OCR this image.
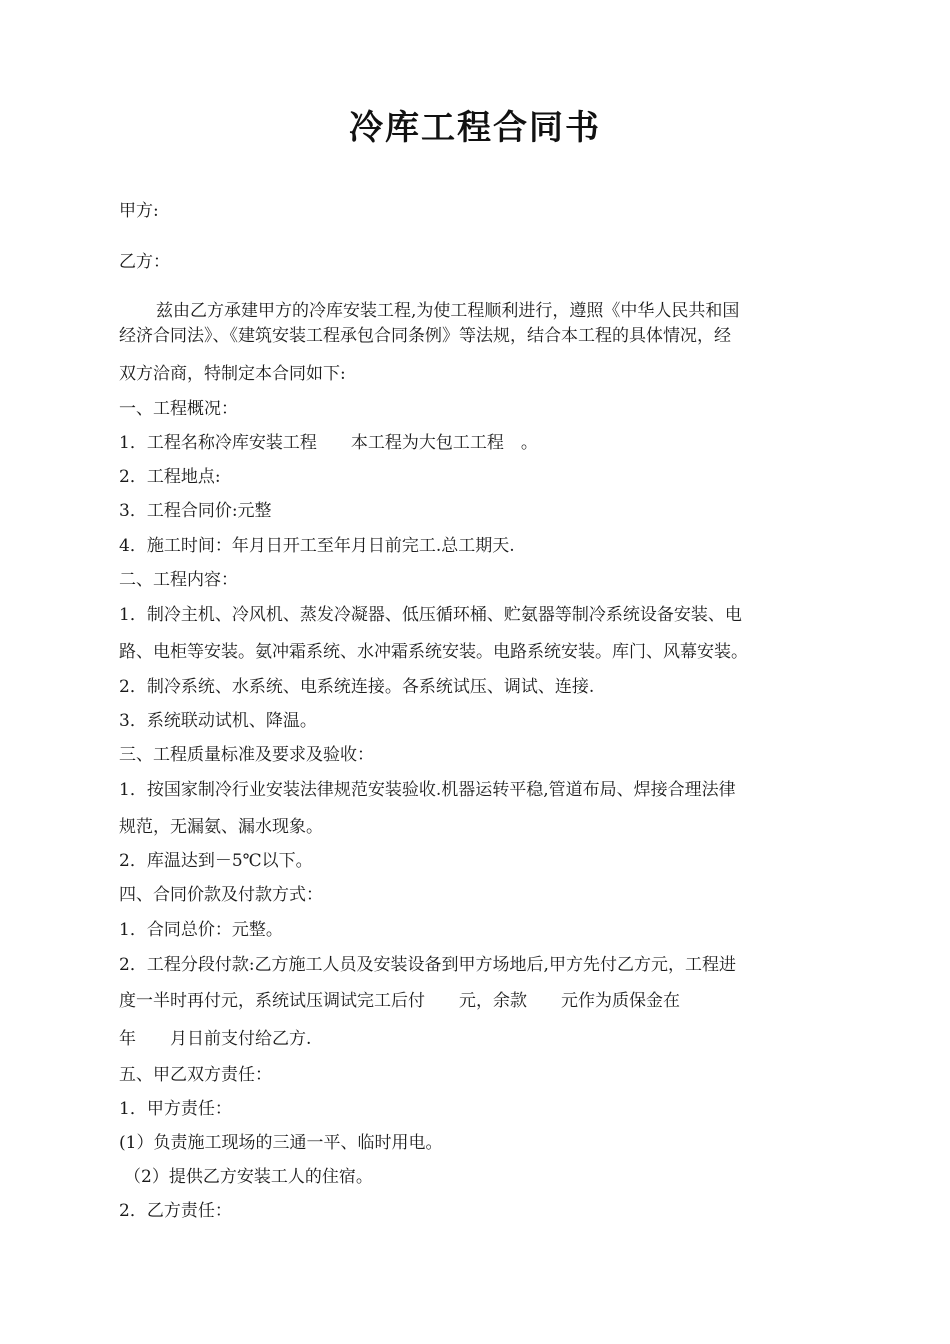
冷库工程合同书
甲方:
乙方：
兹由乙方承建甲方的冷库安装工程,为使工程顺利进行，遵照《中华人民共和国
经济合同法》、《建筑安装工程承包合同条例》等法规，结合本工程的具体情况，经
双方洽商，特制定本合同如下:
一、工程概况：
1．工程名称冷库安装工程　　本工程为大包工工程　。
2．工程地点:
3．工程合同价:元整
4．施工时间：年月日开工至年月日前完工.总工期天.
二、工程内容：
1．制冷主机、冷风机、蒸发冷凝器、低压循环桶、贮氨器等制冷系统设备安装、电
路、电柜等安装。氨冲霜系统、水冲霜系统安装。电路系统安装。库门、风幕安装。
2．制冷系统、水系统、电系统连接。各系统试压、调试、连接.
3．系统联动试机、降温。
三、工程质量标准及要求及验收：
1．按国家制冷行业安装法律规范安装验收.机器运转平稳,管道布局、焊接合理法律
规范，无漏氨、漏水现象。
2．库温达到－5℃以下。
四、合同价款及付款方式：
1．合同总价：元整。
2．工程分段付款:乙方施工人员及安装设备到甲方场地后,甲方先付乙方元，工程进
度一半时再付元，系统试压调试完工后付　　元，余款　　元作为质保金在
年　　月日前支付给乙方.
五、甲乙双方责任：
1．甲方责任：
(1）负责施工现场的三通一平、临时用电。
（2）提供乙方安装工人的住宿。
2．乙方责任：
